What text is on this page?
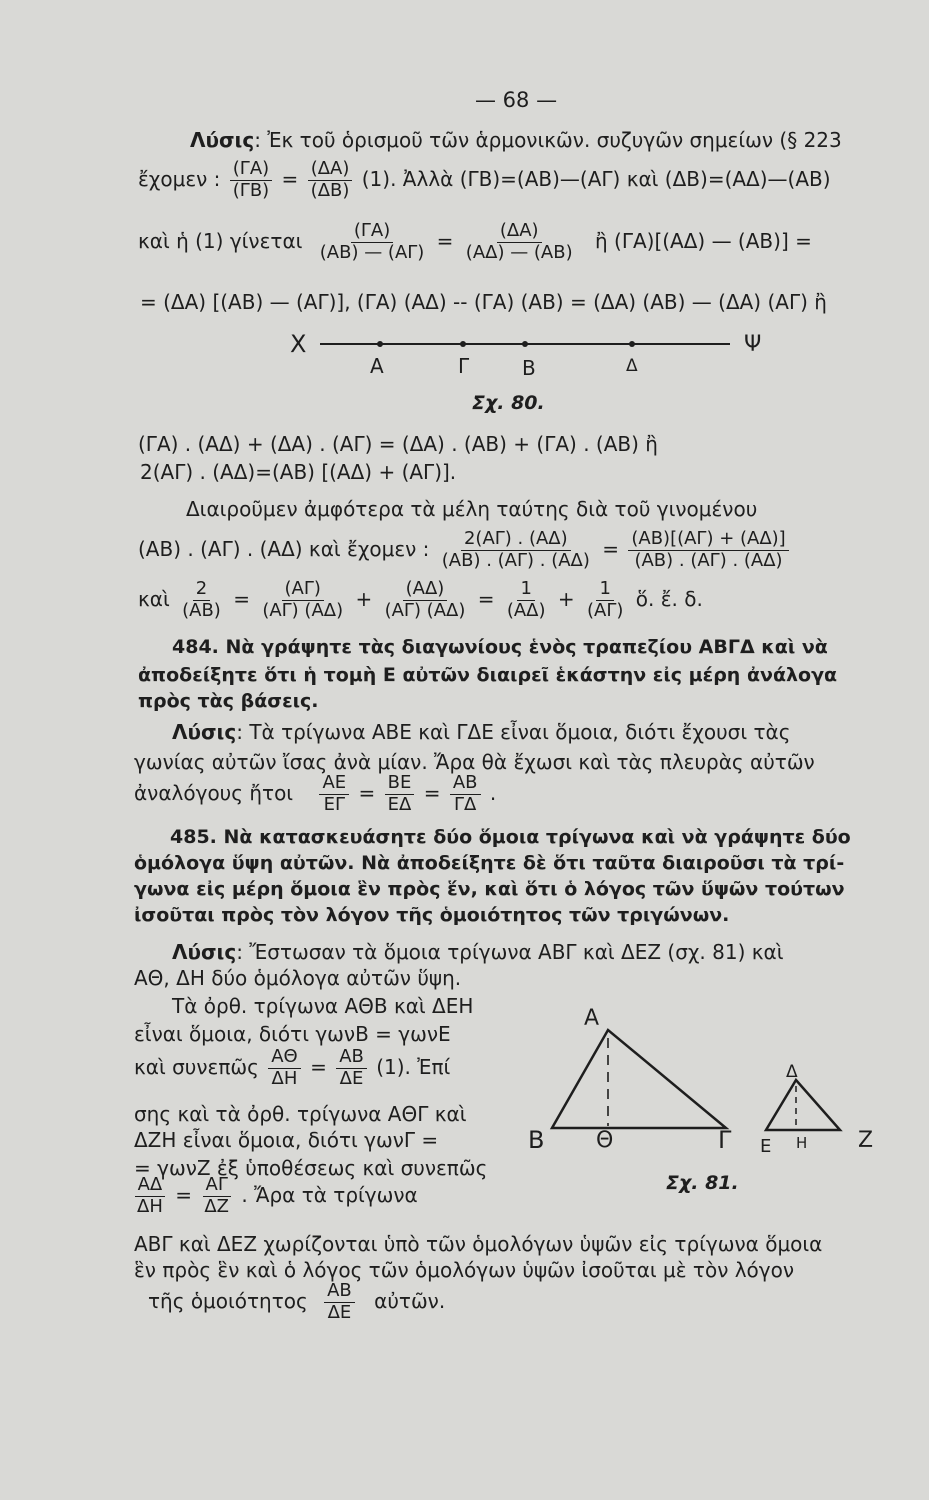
— 68 —
Λύσις: Ἐκ τοῦ ὁρισμοῦ τῶν ἁρμονικῶν. συζυγῶν σημείων (§ 223
ἔχομεν : $\frac{(\Gamma A)}{(\Gamma B)} = \frac{(\Delta A)}{(\Delta B)} (1)$. Ἀλλὰ (ΓΒ)=(ΑΒ)—(ΑΓ) καὶ (ΔΒ)=(ΑΔ)—(ΑΒ)
καὶ ἡ (1) γίνεται $\frac{(\Gamma A)}{(AB) — (A\Gamma)} = \frac{(\Delta A)}{(A\Delta) — (AB)}$ ἢ (ΓΑ)[(ΑΔ) — (ΑΒ)] =
= (ΔΑ) [(ΑΒ) — (ΑΓ)], (ΓΑ) (ΑΔ) -- (ΓΑ) (ΑΒ) = (ΔΑ) (ΑΒ) — (ΔΑ) (ΑΓ) ἢ
Χ	Ψ
Α	Γ	Β	Δ
Σχ. 80.
(ΓΑ) . (ΑΔ) + (ΔΑ) . (ΑΓ) = (ΔΑ) . (ΑΒ) + (ΓΑ) . (ΑΒ) ἢ
2(ΑΓ) . (ΑΔ)=(ΑΒ) [(ΑΔ) + (ΑΓ)].
Διαιροῦμεν ἀμφότερα τὰ μέλη ταύτης διὰ τοῦ γινομένου
(ΑΒ) . (ΑΓ) . (ΑΔ) καὶ ἔχομεν : $\frac{2(A\Gamma) . (A\Delta)}{(AB) . (A\Gamma) . (A\Delta)} = \frac{(AB)[(A\Gamma) + (A\Delta)]}{(AB) . (A\Gamma) . (A\Delta)}$
καὶ $\frac{2}{(AB)} = \frac{(A\Gamma)}{(A\Gamma) (A\Delta)} + \frac{(A\Delta)}{(A\Gamma) (A\Delta)} = \frac{1}{(A\Delta)} + \frac{1}{(A\Gamma)}$ ὅ. ἔ. δ.
484. Νὰ γράψητε τὰς διαγωνίους ἑνὸς τραπεζίου ΑΒΓΔ καὶ νὰ
ἀποδείξητε ὅτι ἡ τομὴ Ε αὐτῶν διαιρεῖ ἑκάστην εἰς μέρη ἀνάλογα
πρὸς τὰς βάσεις.
Λύσις: Τὰ τρίγωνα ΑΒΕ καὶ ΓΔΕ εἶναι ὅμοια, διότι ἔχουσι τὰς
γωνίας αὐτῶν ἴσας ἀνὰ μίαν. Ἄρα θὰ ἔχωσι καὶ τὰς πλευρὰς αὐτῶν
ἀναλόγους ἤτοι $\frac{AE}{E\Gamma} = \frac{BE}{E\Delta} = \frac{AB}{\Gamma\Delta}$ .
485. Νὰ κατασκευάσητε δύο ὅμοια τρίγωνα καὶ νὰ γράψητε δύο
ὁμόλογα ὕψη αὐτῶν. Νὰ ἀποδείξητε δὲ ὅτι ταῦτα διαιροῦσι τὰ τρί-
γωνα εἰς μέρη ὅμοια ἓν πρὸς ἕν, καὶ ὅτι ὁ λόγος τῶν ὕψῶν τούτων
ἰσοῦται πρὸς τὸν λόγον τῆς ὁμοιότητος τῶν τριγώνων.
Λύσις: Ἔστωσαν τὰ ὅμοια τρίγωνα ΑΒΓ καὶ ΔΕΖ (σχ. 81) καὶ
ΑΘ, ΔΗ δύο ὁμόλογα αὐτῶν ὕψη.
Τὰ ὀρθ. τρίγωνα ΑΘΒ καὶ ΔΕΗ
εἶναι ὅμοια, διότι γωνΒ = γωνΕ
καὶ συνεπῶς $\frac{A\Theta}{\Delta H} = \frac{AB}{\Delta E} (1)$. Ἐπί
σης καὶ τὰ ὀρθ. τρίγωνα ΑΘΓ καὶ
ΔΖΗ εἶναι ὅμοια, διότι γωνΓ =
= γωνΖ ἐξ ὑποθέσεως καὶ συνεπῶς
$\frac{A\Delta}{\Delta H} = \frac{A\Gamma}{\Delta Z}$ . Ἄρα τὰ τρίγωνα
ΑΒΓ καὶ ΔΕΖ χωρίζονται ὑπὸ τῶν ὁμολόγων ὑψῶν εἰς τρίγωνα ὅμοια
ἓν πρὸς ἓν καὶ ὁ λόγος τῶν ὁμολόγων ὑψῶν ἰσοῦται μὲ τὸν λόγον
τῆς ὁμοιότητος $\frac{AB}{\Delta E}$ αὐτῶν.
Α
Β Θ	Γ
Δ
Ε Η Ζ
Σχ. 81.
